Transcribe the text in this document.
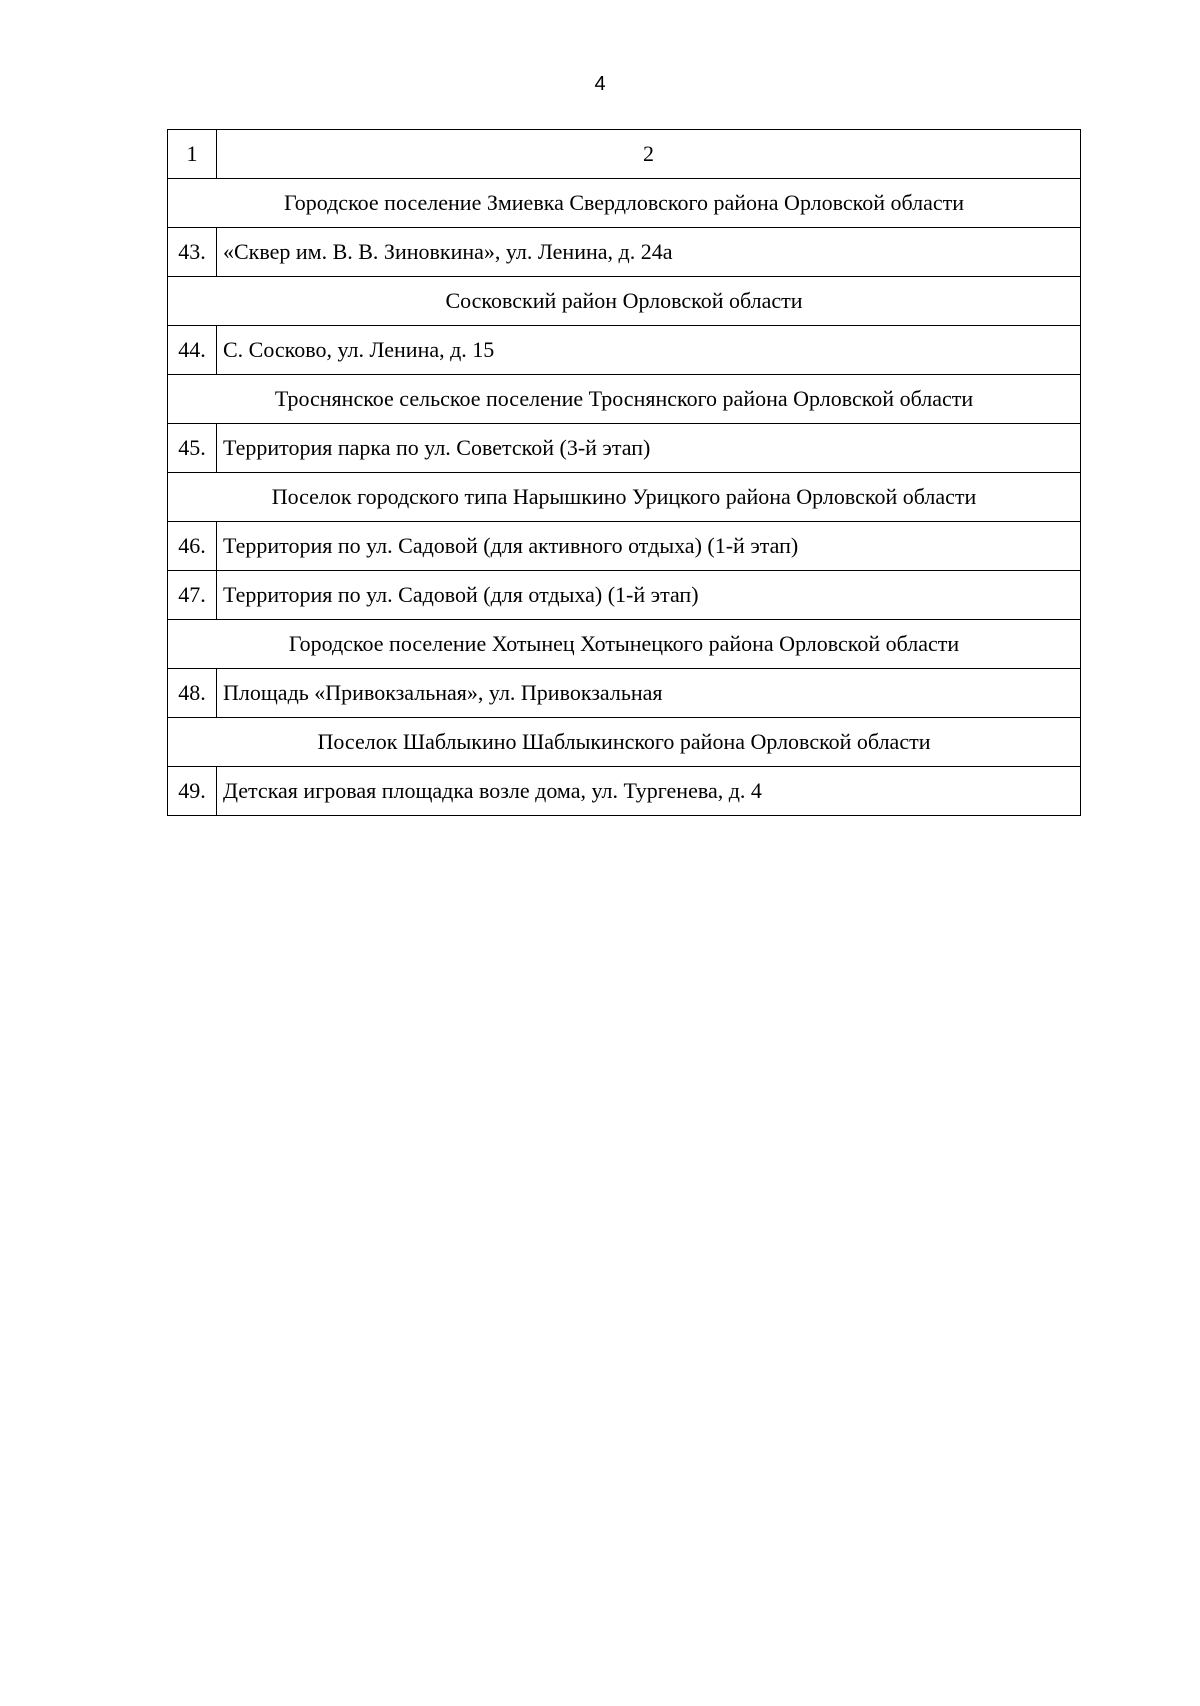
4
1	2
Городское поселение Змиевка Свердловского района Орловской области	
43.	«Сквер им. В. В. Зиновкина», ул. Ленина, д. 24а
Сосковский район Орловской области	
44.	С. Сосково, ул. Ленина, д. 15
Троснянское сельское поселение Троснянского района Орловской области	
45.	Территория парка по ул. Советской (3-й этап)
Поселок городского типа Нарышкино Урицкого района Орловской области	
46.	Территория по ул. Садовой (для активного отдыха) (1-й этап)
47.	Территория по ул. Садовой (для отдыха) (1-й этап)
Городское поселение Хотынец Хотынецкого района Орловской области	
48.	Площадь «Привокзальная», ул. Привокзальная
Поселок Шаблыкино Шаблыкинского района Орловской области	
49.	Детская игровая площадка возле дома, ул. Тургенева, д. 4
